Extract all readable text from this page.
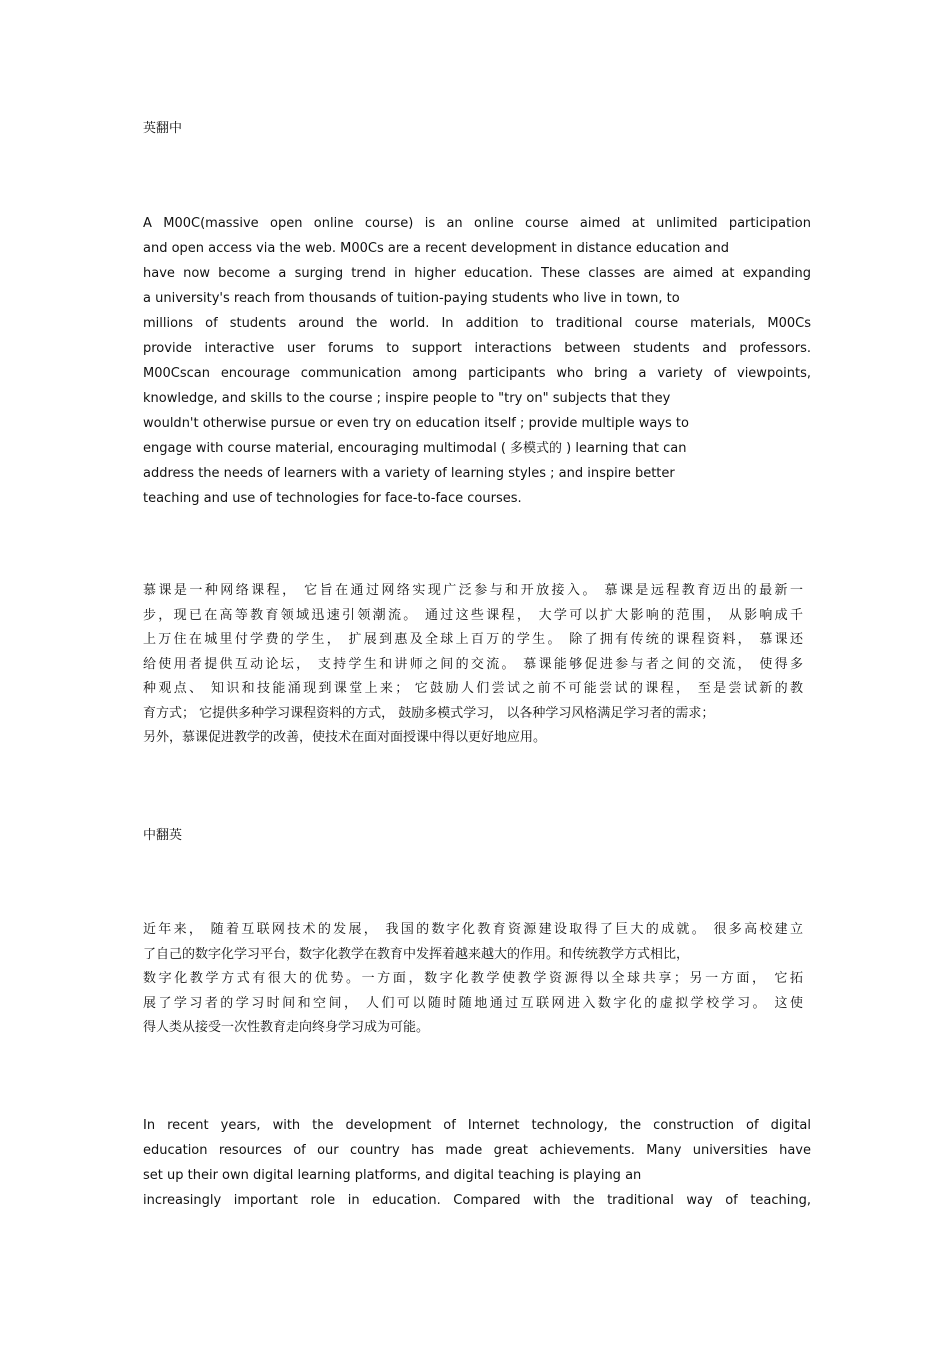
英翻中
A M00C(massive open online course) is an online course aimed at unlimited participation
and open access via the web. M00Cs are a recent development in distance education and
have now become a surging trend in higher education. These classes are aimed at expanding
a university's reach from thousands of tuition-paying students who live in town, to
millions of students around the world. In addition to traditional course materials, M00Cs
provide interactive user forums to support interactions between students and professors.
M00Cscan encourage communication among participants who bring a variety of viewpoints,
knowledge, and skills to the course ; inspire people to "try on" subjects that they
wouldn't otherwise pursue or even try on education itself ; provide multiple ways to
engage with course material, encouraging multimodal ( 多模式的 ) learning that can
address the needs of learners with a variety of learning styles ; and inspire better
teaching and use of technologies for face-to-face courses.
慕课是一种网络课程， 它旨在通过网络实现广泛参与和开放接入。 慕课是远程教育迈出的最新一
步，现已在高等教育领域迅速引领潮流。 通过这些课程， 大学可以扩大影响的范围， 从影响成千
上万住在城里付学费的学生， 扩展到惠及全球上百万的学生。 除了拥有传统的课程资料， 慕课还
给使用者提供互动论坛， 支持学生和讲师之间的交流。 慕课能够促进参与者之间的交流， 使得多
种观点、 知识和技能涌现到课堂上来； 它鼓励人们尝试之前不可能尝试的课程， 至是尝试新的教
育方式； 它提供多种学习课程资料的方式， 鼓励多模式学习， 以各种学习风格满足学习者的需求；
另外，慕课促进教学的改善，使技术在面对面授课中得以更好地应用。
中翻英
近年来， 随着互联网技术的发展， 我国的数字化教育资源建设取得了巨大的成就。 很多高校建立
了自己的数字化学习平台，数字化教学在教育中发挥着越来越大的作用。和传统教学方式相比，
数字化教学方式有很大的优势。一方面，数字化教学使教学资源得以全球共享；另一方面， 它拓
展了学习者的学习时间和空间， 人们可以随时随地通过互联网进入数字化的虚拟学校学习。 这使
得人类从接受一次性教育走向终身学习成为可能。
In recent years, with the development of Internet technology, the construction of digital
education resources of our country has made great achievements. Many universities have
set up their own digital learning platforms, and digital teaching is playing an
increasingly important role in education. Compared with the traditional way of teaching,
